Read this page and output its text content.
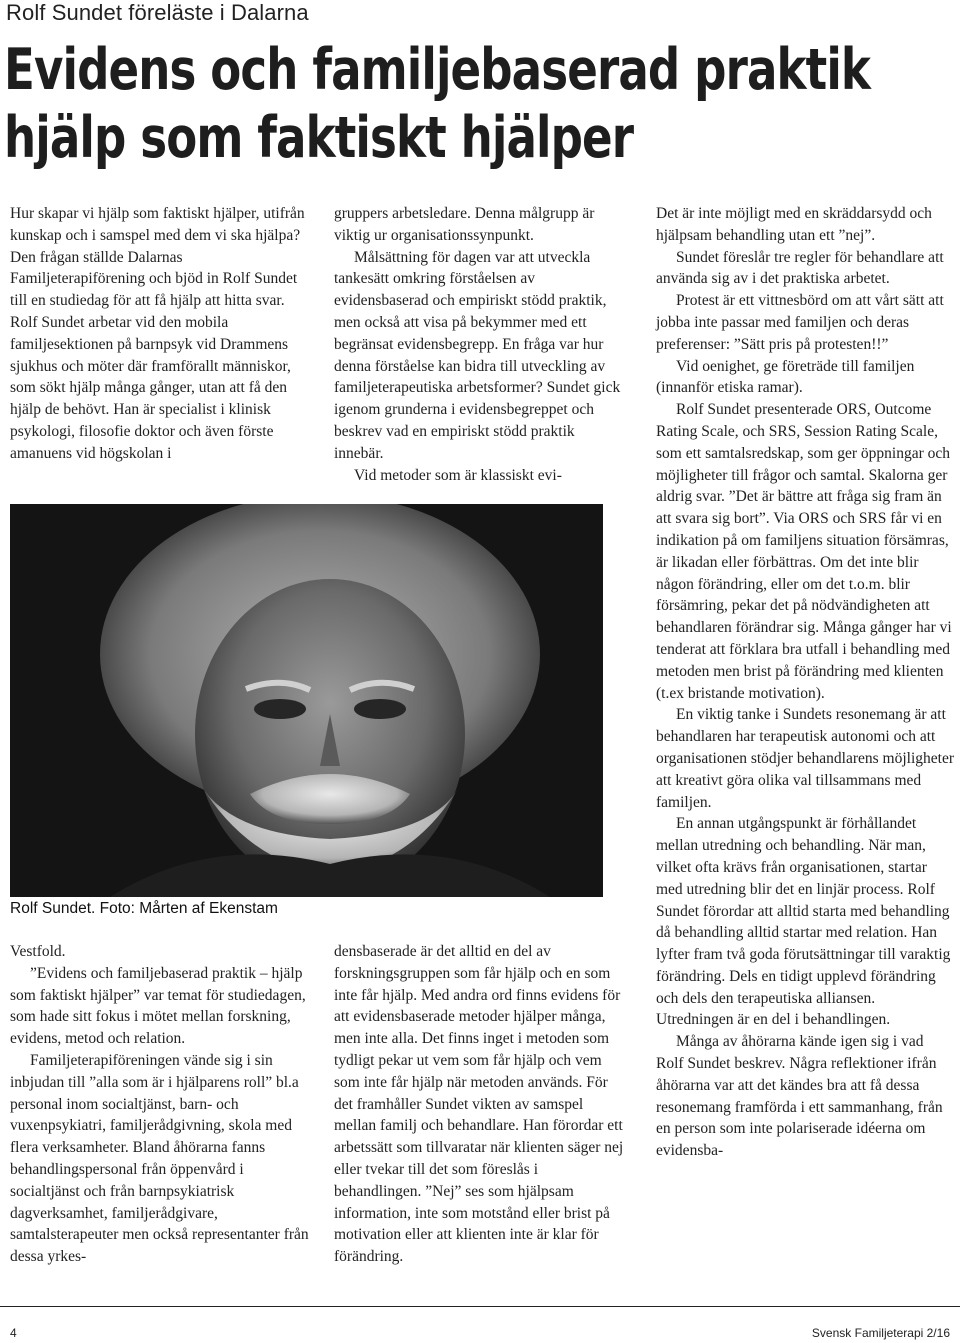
Rolf Sundet föreläste i Dalarna
Evidens och familjebaserad praktik
hjälp som faktiskt hjälper

Hur skapar vi hjälp som faktiskt hjälper, utifrån kunskap och i samspel med dem vi ska hjälpa? Den frågan ställde Dalarnas Familjeterapiförening och bjöd in Rolf Sundet till en studiedag för att få hjälp att hitta svar. Rolf Sundet arbetar vid den mobila familjesektionen på barnpsyk vid Drammens sjukhus och möter där framförallt människor, som sökt hjälp många gånger, utan att få den hjälp de behövt. Han är specialist i klinisk psykologi, filosofie doktor och även förste amanuens vid högskolan i

Rolf Sundet. Foto: Mårten af Ekenstam

Vestfold.

”Evidens och familjebaserad praktik – hjälp som faktiskt hjälper” var temat för studiedagen, som hade sitt fokus i mötet mellan forskning, evidens, metod och relation.

Familjeterapiföreningen vände sig i sin inbjudan till ”alla som är i hjälparens roll” bl.a personal inom socialtjänst, barn- och vuxenpsykiatri, familjerådgivning, skola med flera verksamheter. Bland åhörarna fanns behandlingspersonal från öppenvård i socialtjänst och från barnpsykiatrisk dagverksamhet, familjerådgivare, samtalsterapeuter men också representanter från dessa yrkes-

gruppers arbetsledare. Denna målgrupp är viktig ur organisationssynpunkt.

Målsättning för dagen var att utveckla tankesätt omkring förståelsen av evidensbaserad och empiriskt stödd praktik, men också att visa på bekymmer med ett begränsat evidensbegrepp. En fråga var hur denna förståelse kan bidra till utveckling av familjeterapeutiska arbetsformer? Sundet gick igenom grunderna i evidensbegreppet och beskrev vad en empiriskt stödd praktik innebär.

Vid metoder som är klassiskt evi-

densbaserade är det alltid en del av forskningsgruppen som får hjälp och en som inte får hjälp. Med andra ord finns evidens för att evidensbaserade metoder hjälper många, men inte alla. Det finns inget i metoden som tydligt pekar ut vem som får hjälp och vem som inte får hjälp när metoden används. För det framhåller Sundet vikten av samspel mellan familj och behandlare. Han förordar ett arbetssätt som tillvaratar när klienten säger nej eller tvekar till det som föreslås i behandlingen. ”Nej” ses som hjälpsam information, inte som motstånd eller brist på motivation eller att klienten inte är klar för förändring.

Det är inte möjligt med en skräddarsydd och hjälpsam behandling utan ett ”nej”.

Sundet föreslår tre regler för behandlare att använda sig av i det praktiska arbetet.

Protest är ett vittnesbörd om att vårt sätt att jobba inte passar med familjen och deras preferenser: ”Sätt pris på protesten!!”

Vid oenighet, ge företräde till familjen (innanför etiska ramar).

Rolf Sundet presenterade ORS, Outcome Rating Scale, och SRS, Session Rating Scale, som ett samtalsredskap, som ger öppningar och möjligheter till frågor och samtal. Skalorna ger aldrig svar. ”Det är bättre att fråga sig fram än att svara sig bort”. Via ORS och SRS får vi en indikation på om familjens situation försämras, är likadan eller förbättras. Om det inte blir någon förändring, eller om det t.o.m. blir försämring, pekar det på nödvändigheten att behandlaren förändrar sig. Många gånger har vi tenderat att förklara bra utfall i behandling med metoden men brist på förändring med klienten (t.ex bristande motivation).

En viktig tanke i Sundets resonemang är att behandlaren har terapeutisk autonomi och att organisationen stödjer behandlarens möjligheter att kreativt göra olika val tillsammans med familjen.

En annan utgångspunkt är förhållandet mellan utredning och behandling. När man, vilket ofta krävs från organisationen, startar med utredning blir det en linjär process. Rolf Sundet förordar att alltid starta med behandling då behandling alltid startar med relation. Han lyfter fram två goda förutsättningar till varaktig förändring. Dels en tidigt upplevd förändring och dels den terapeutiska alliansen. Utredningen är en del i behandlingen.

Många av åhörarna kände igen sig i vad Rolf Sundet beskrev. Några reflektioner ifrån åhörarna var att det kändes bra att få dessa resonemang framförda i ett sammanhang, från en person som inte polariserade idéerna om evidensba-

4	Svensk Familjeterapi 2/16
